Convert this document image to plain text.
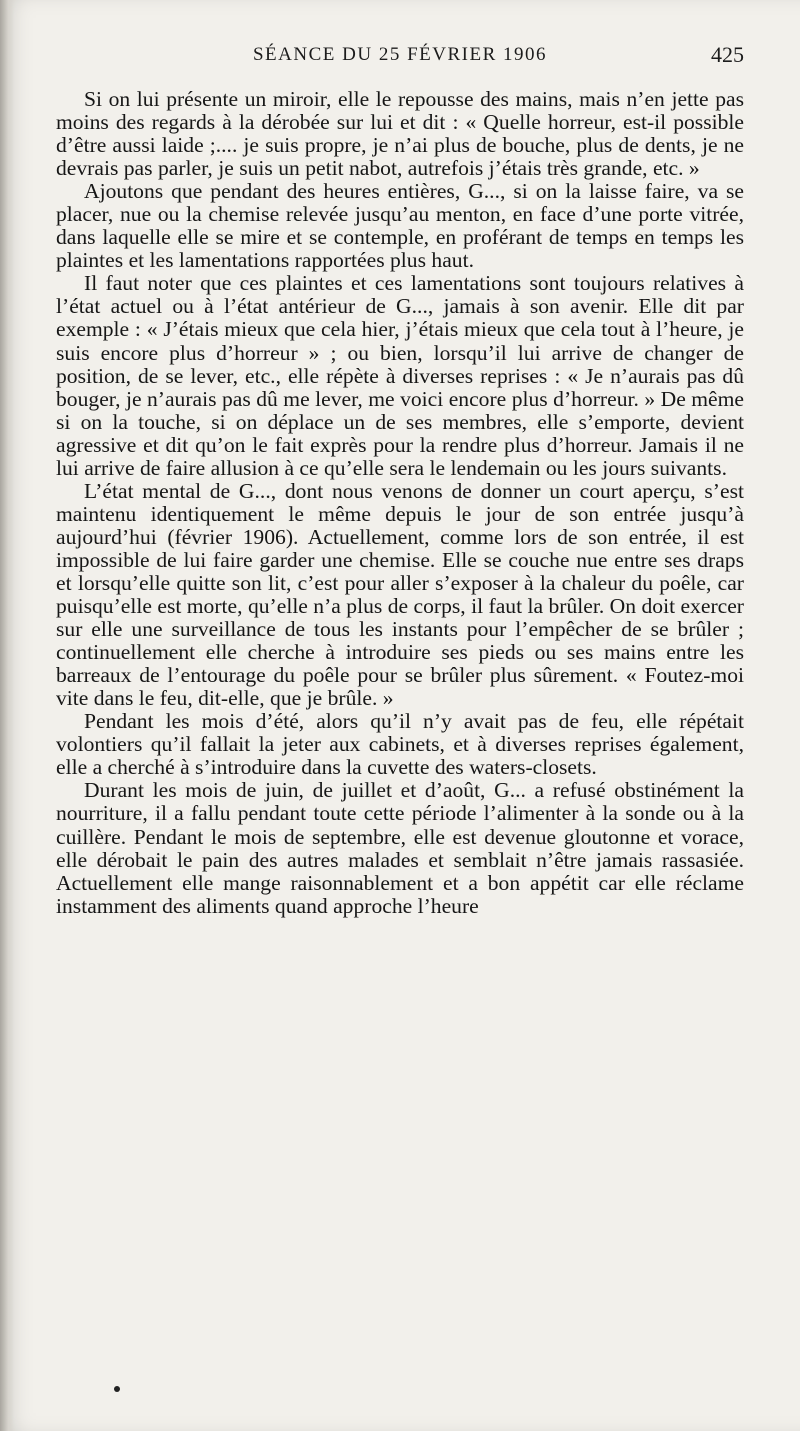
SÉANCE DU 25 FÉVRIER 1906	425

Si on lui présente un miroir, elle le repousse des mains, mais n’en jette pas moins des regards à la dérobée sur lui et dit : « Quelle horreur, est-il possible d’être aussi laide ;.... je suis propre, je n’ai plus de bouche, plus de dents, je ne devrais pas parler, je suis un petit nabot, autrefois j’étais très grande, etc. »

Ajoutons que pendant des heures entières, G..., si on la laisse faire, va se placer, nue ou la chemise relevée jusqu’au menton, en face d’une porte vitrée, dans laquelle elle se mire et se contemple, en proférant de temps en temps les plaintes et les lamentations rapportées plus haut.

Il faut noter que ces plaintes et ces lamentations sont toujours relatives à l’état actuel ou à l’état antérieur de G..., jamais à son avenir. Elle dit par exemple : « J’étais mieux que cela hier, j’étais mieux que cela tout à l’heure, je suis encore plus d’horreur » ; ou bien, lorsqu’il lui arrive de changer de position, de se lever, etc., elle répète à diverses reprises : « Je n’aurais pas dû bouger, je n’aurais pas dû me lever, me voici encore plus d’horreur. » De même si on la touche, si on déplace un de ses membres, elle s’emporte, devient agressive et dit qu’on le fait exprès pour la rendre plus d’horreur. Jamais il ne lui arrive de faire allusion à ce qu’elle sera le lendemain ou les jours suivants.

L’état mental de G..., dont nous venons de donner un court aperçu, s’est maintenu identiquement le même depuis le jour de son entrée jusqu’à aujourd’hui (février 1906). Actuellement, comme lors de son entrée, il est impossible de lui faire garder une chemise. Elle se couche nue entre ses draps et lorsqu’elle quitte son lit, c’est pour aller s’exposer à la chaleur du poêle, car puisqu’elle est morte, qu’elle n’a plus de corps, il faut la brûler. On doit exercer sur elle une surveillance de tous les instants pour l’empêcher de se brûler ; continuellement elle cherche à introduire ses pieds ou ses mains entre les barreaux de l’entourage du poêle pour se brûler plus sûrement. « Foutez-moi vite dans le feu, dit-elle, que je brûle. »

Pendant les mois d’été, alors qu’il n’y avait pas de feu, elle répétait volontiers qu’il fallait la jeter aux cabinets, et à diverses reprises également, elle a cherché à s’introduire dans la cuvette des waters-closets.

Durant les mois de juin, de juillet et d’août, G... a refusé obstinément la nourriture, il a fallu pendant toute cette période l’alimenter à la sonde ou à la cuillère. Pendant le mois de septembre, elle est devenue gloutonne et vorace, elle dérobait le pain des autres malades et semblait n’être jamais rassasiée. Actuellement elle mange raisonnablement et a bon appétit car elle réclame instamment des aliments quand approche l’heure
